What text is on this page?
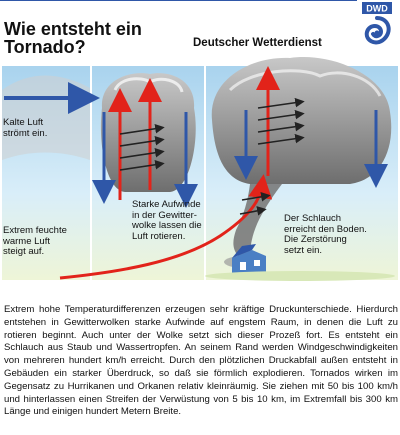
Wie entsteht ein
Tornado?	Deutscher Wetterdienst
DWD
Kalte Luft
strömt ein.
Extrem feuchte
warme Luft
steigt auf.
Starke Aufwinde
in der Gewitter-
wolke lassen die
Luft rotieren.
Der Schlauch
erreicht den Boden.
Die Zerstörung
setzt ein.
Extrem hohe Temperaturdifferenzen erzeugen sehr kräftige Druckunterschiede. Hierdurch entstehen in Gewitterwolken starke Aufwinde auf engstem Raum, in denen die Luft zu rotieren beginnt. Auch unter der Wolke setzt sich dieser Prozeß fort. Es entsteht ein Schlauch aus Staub und Wassertropfen. An seinem Rand werden Windgeschwindigkeiten von mehreren hundert km/h erreicht. Durch den plötzlichen Druckabfall außen entsteht in Gebäuden ein starker Überdruck, so daß sie förmlich explodieren. Tornados wirken im Gegensatz zu Hurrikanen und Orkanen relativ kleinräumig. Sie ziehen mit 50 bis 100 km/h und hinterlassen einen Streifen der Verwüstung von 5 bis 10 km, im Extremfall bis 300 km Länge und einigen hundert Metern Breite.
